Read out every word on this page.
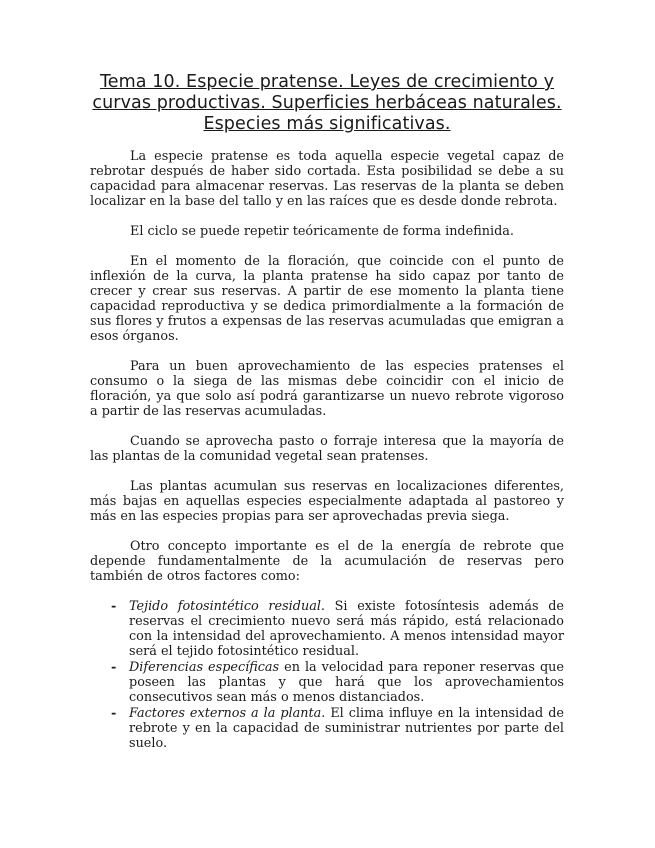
Tema 10. Especie pratense. Leyes de crecimiento y curvas productivas. Superficies herbáceas naturales. Especies más significativas.

La especie pratense es toda aquella especie vegetal capaz de rebrotar después de haber sido cortada. Esta posibilidad se debe a su capacidad para almacenar reservas. Las reservas de la planta se deben localizar en la base del tallo y en las raíces que es desde donde rebrota.

El ciclo se puede repetir teóricamente de forma indefinida.

En el momento de la floración, que coincide con el punto de inflexión de la curva, la planta pratense ha sido capaz por tanto de crecer y crear sus reservas. A partir de ese momento la planta tiene capacidad reproductiva y se dedica primordialmente a la formación de sus flores y frutos a expensas de las reservas acumuladas que emigran a esos órganos.

Para un buen aprovechamiento de las especies pratenses el consumo o la siega de las mismas debe coincidir con el inicio de floración, ya que solo así podrá garantizarse un nuevo rebrote vigoroso a partir de las reservas acumuladas.

Cuando se aprovecha pasto o forraje interesa que la mayoría de las plantas de la comunidad vegetal sean pratenses.

Las plantas acumulan sus reservas en localizaciones diferentes, más bajas en aquellas especies especialmente adaptada al pastoreo y más en las especies propias para ser aprovechadas previa siega.

Otro concepto importante es el de la energía de rebrote que depende fundamentalmente de la acumulación de reservas pero también de otros factores como:

- Tejido fotosintético residual. Si existe fotosíntesis además de reservas el crecimiento nuevo será más rápido, está relacionado con la intensidad del aprovechamiento. A menos intensidad mayor será el tejido fotosintético residual.
- Diferencias específicas en la velocidad para reponer reservas que poseen las plantas y que hará que los aprovechamientos consecutivos sean más o menos distanciados.
- Factores externos a la planta. El clima influye en la intensidad de rebrote y en la capacidad de suministrar nutrientes por parte del suelo.
